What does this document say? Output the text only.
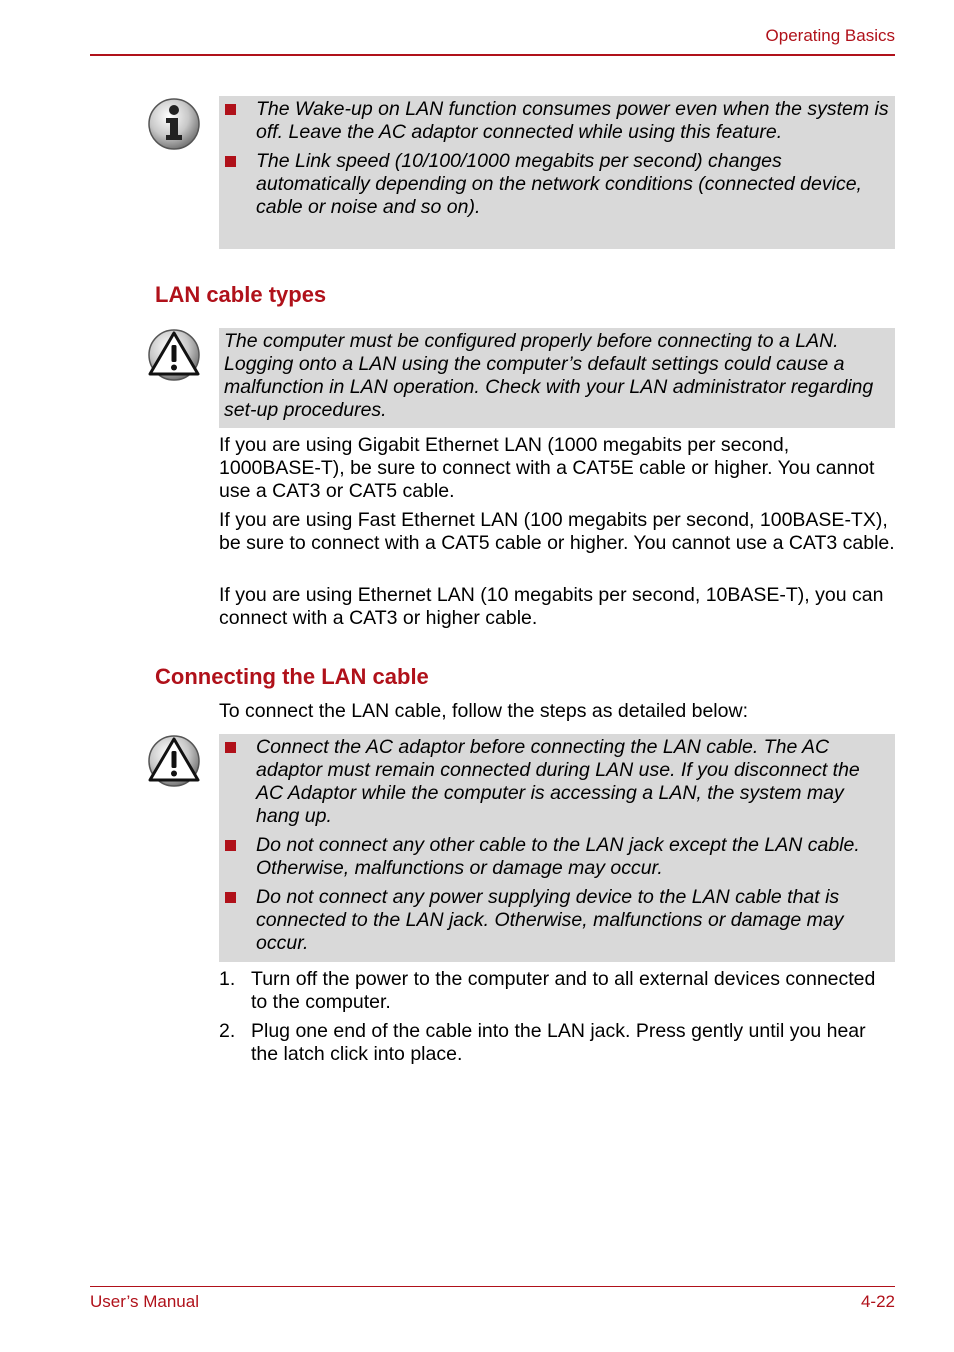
Operating Basics
The Wake-up on LAN function consumes power even when the system is off. Leave the AC adaptor connected while using this feature.
The Link speed (10/100/1000 megabits per second) changes automatically depending on the network conditions (connected device, cable or noise and so on).
LAN cable types
The computer must be configured properly before connecting to a LAN. Logging onto a LAN using the computer’s default settings could cause a malfunction in LAN operation. Check with your LAN administrator regarding set-up procedures.

If you are using Gigabit Ethernet LAN (1000 megabits per second, 1000BASE-T), be sure to connect with a CAT5E cable or higher. You cannot use a CAT3 or CAT5 cable.

If you are using Fast Ethernet LAN (100 megabits per second, 100BASE-TX), be sure to connect with a CAT5 cable or higher. You cannot use a CAT3 cable.

If you are using Ethernet LAN (10 megabits per second, 10BASE-T), you can connect with a CAT3 or higher cable.

Connecting the LAN cable

To connect the LAN cable, follow the steps as detailed below:

Connect the AC adaptor before connecting the LAN cable. The AC adaptor must remain connected during LAN use. If you disconnect the AC Adaptor while the computer is accessing a LAN, the system may hang up.
Do not connect any other cable to the LAN jack except the LAN cable. Otherwise, malfunctions or damage may occur.
Do not connect any power supplying device to the LAN cable that is connected to the LAN jack. Otherwise, malfunctions or damage may occur.
1. Turn off the power to the computer and to all external devices connected to the computer.
2. Plug one end of the cable into the LAN jack. Press gently until you hear the latch click into place.
User’s Manual	4-22
